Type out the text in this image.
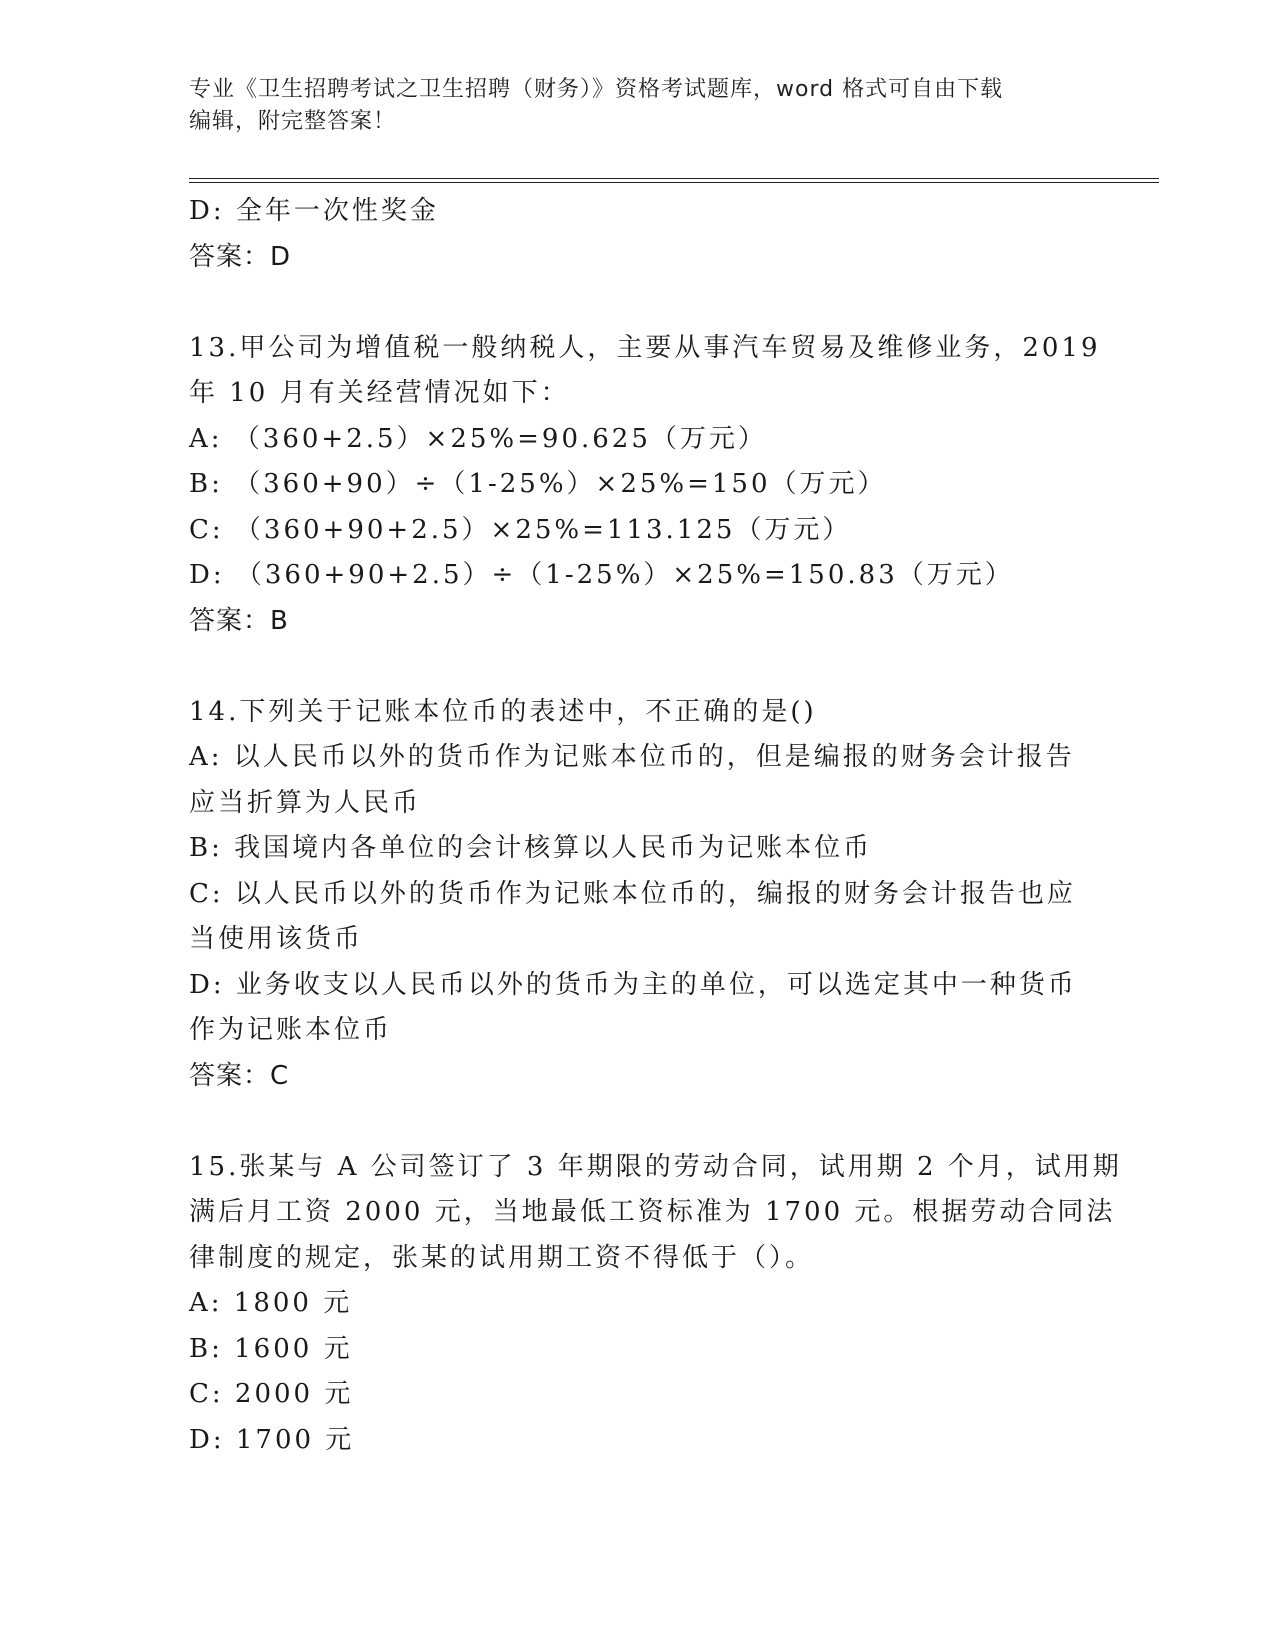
专业《卫生招聘考试之卫生招聘（财务）》资格考试题库，word 格式可自由下载
编辑，附完整答案！
D: 全年一次性奖金
答案：D
13.甲公司为增值税一般纳税人，主要从事汽车贸易及维修业务，2019
年 10 月有关经营情况如下：
A: （360+2.5）×25%=90.625（万元）
B: （360+90）÷（1-25%）×25%=150（万元）
C: （360+90+2.5）×25%=113.125（万元）
D: （360+90+2.5）÷（1-25%）×25%=150.83（万元）
答案：B
14.下列关于记账本位币的表述中，不正确的是()
A: 以人民币以外的货币作为记账本位币的，但是编报的财务会计报告
应当折算为人民币
B: 我国境内各单位的会计核算以人民币为记账本位币
C: 以人民币以外的货币作为记账本位币的，编报的财务会计报告也应
当使用该货币
D: 业务收支以人民币以外的货币为主的单位，可以选定其中一种货币
作为记账本位币
答案：C
15.张某与 A 公司签订了 3 年期限的劳动合同，试用期 2 个月，试用期
满后月工资 2000 元，当地最低工资标准为 1700 元。根据劳动合同法
律制度的规定，张某的试用期工资不得低于（）。
A: 1800 元
B: 1600 元
C: 2000 元
D: 1700 元
